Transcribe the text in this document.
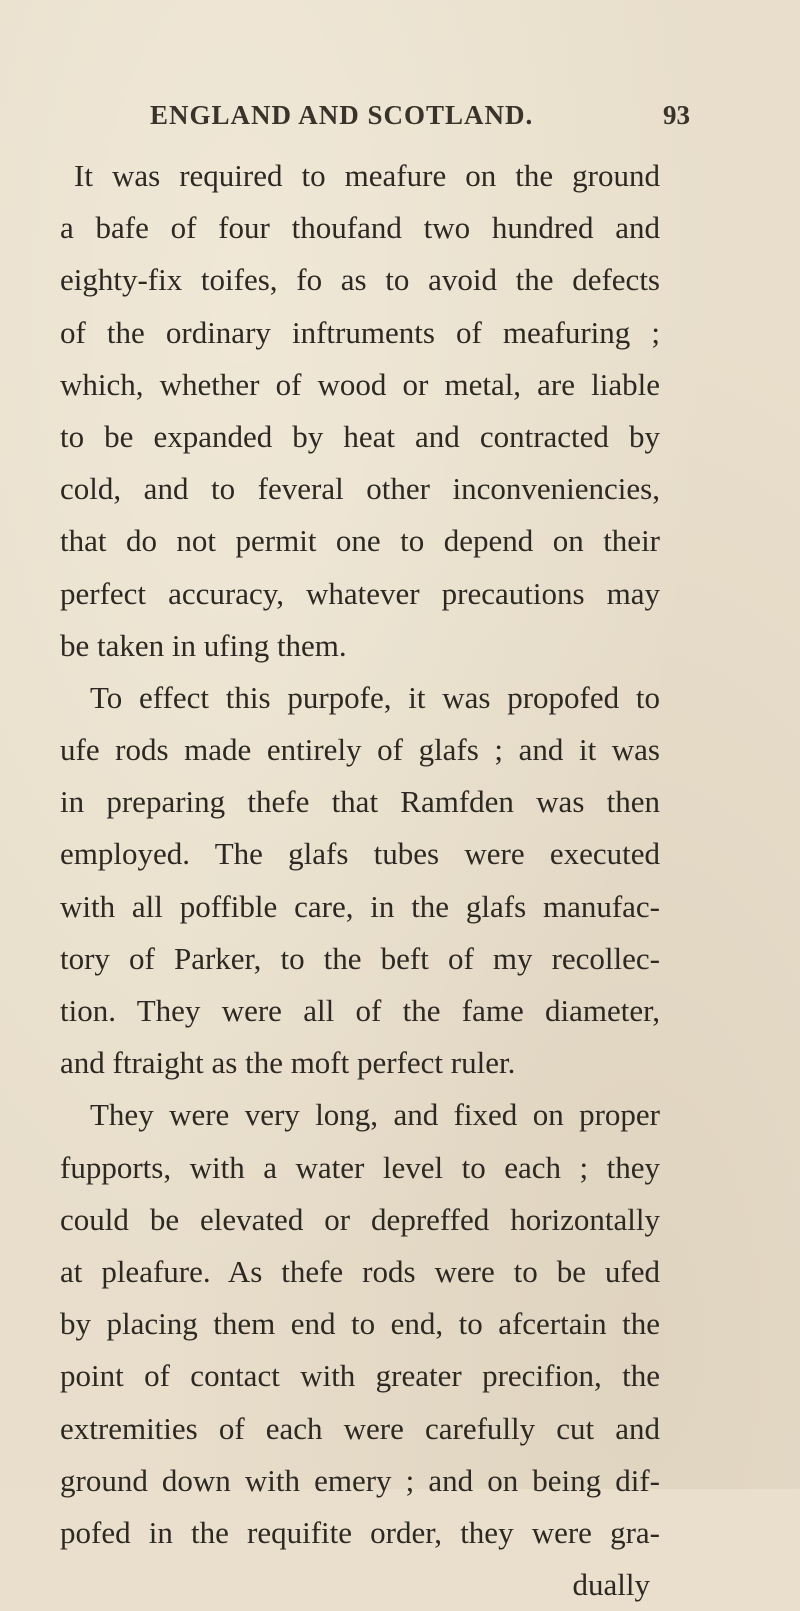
ENGLAND AND SCOTLAND.	93
It was required to meafure on the ground
a bafe of four thoufand two hundred and
eighty-fix toifes, fo as to avoid the defects
of the ordinary inftruments of meafuring ;
which, whether of wood or metal, are liable
to be expanded by heat and contracted by
cold, and to feveral other inconveniencies,
that do not permit one to depend on their
perfect accuracy, whatever precautions may
be taken in ufing them.
To effect this purpofe, it was propofed to
ufe rods made entirely of glafs ; and it was
in preparing thefe that Ramfden was then
employed. The glafs tubes were executed
with all poffible care, in the glafs manufac-
tory of Parker, to the beft of my recollec-
tion. They were all of the fame diameter,
and ftraight as the moft perfect ruler.
They were very long, and fixed on proper
fupports, with a water level to each ; they
could be elevated or depreffed horizontally
at pleafure. As thefe rods were to be ufed
by placing them end to end, to afcertain the
point of contact with greater precifion, the
extremities of each were carefully cut and
ground down with emery ; and on being dif-
pofed in the requifite order, they were gra-
dually
